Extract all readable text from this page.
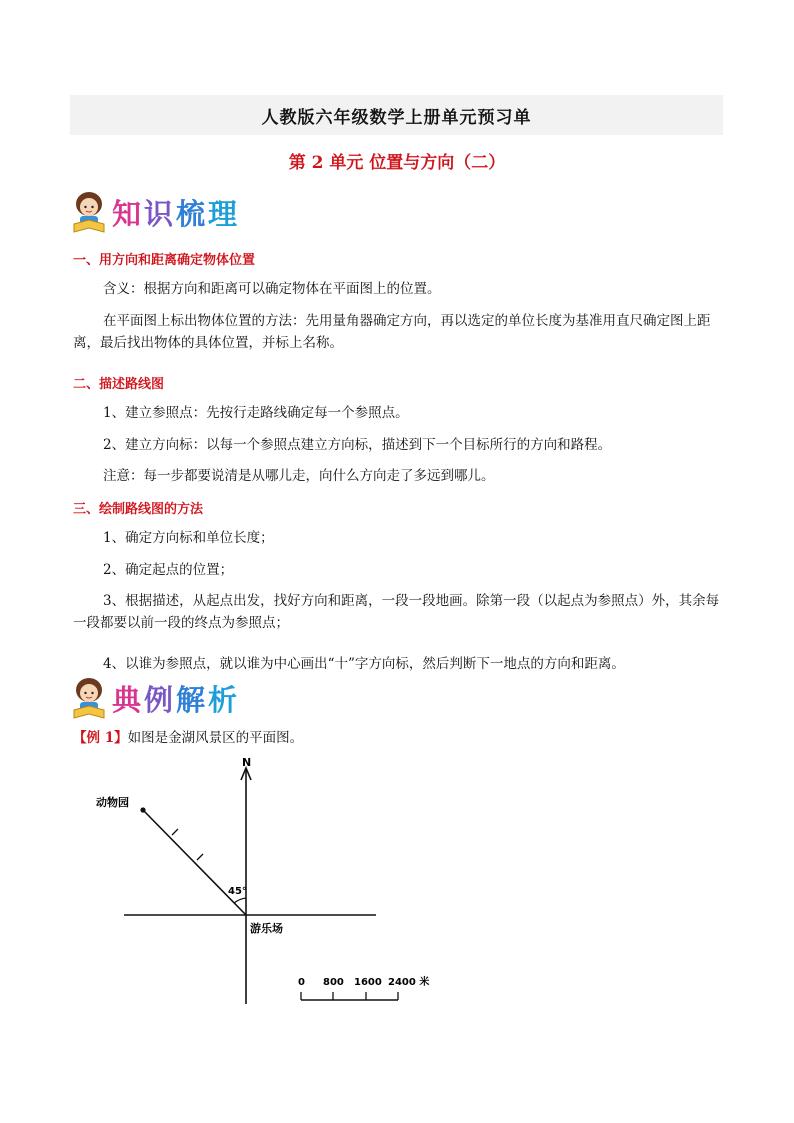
人教版六年级数学上册单元预习单
第 2 单元 位置与方向（二）
知识梳理
一、用方向和距离确定物体位置
含义：根据方向和距离可以确定物体在平面图上的位置。
在平面图上标出物体位置的方法：先用量角器确定方向，再以选定的单位长度为基准用直尺确定图上距离，最后找出物体的具体位置，并标上名称。
二、描述路线图
1、建立参照点：先按行走路线确定每一个参照点。
2、建立方向标：以每一个参照点建立方向标，描述到下一个目标所行的方向和路程。
注意：每一步都要说清是从哪儿走，向什么方向走了多远到哪儿。
三、绘制路线图的方法
1、确定方向标和单位长度；
2、确定起点的位置；
3、根据描述，从起点出发，找好方向和距离，一段一段地画。除第一段（以起点为参照点）外，其余每一段都要以前一段的终点为参照点；
4、以谁为参照点，就以谁为中心画出“十”字方向标，然后判断下一地点的方向和距离。
典例解析
【例 1】如图是金湖风景区的平面图。
N
45°
动物园
游乐场
0 800 1600 2400 米
